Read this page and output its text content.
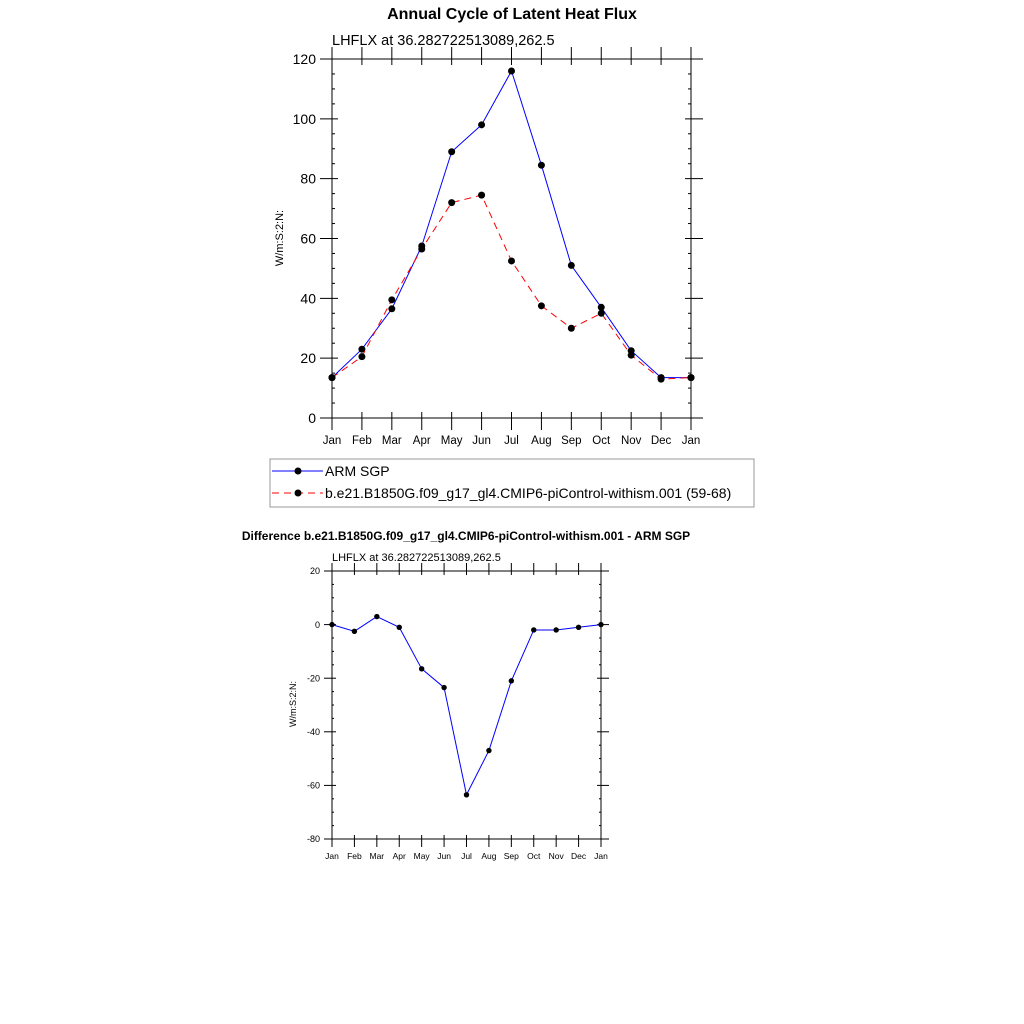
Annual Cycle of Latent Heat Flux
LHFLX at 36.282722513089,262.5
W/m:S:2:N:
0
20
40
60
80
100
120
Jan Feb Mar Apr May Jun Jul Aug Sep Oct Nov Dec Jan
ARM SGP
b.e21.B1850G.f09_g17_gl4.CMIP6-piControl-withism.001 (59-68)
Difference b.e21.B1850G.f09_g17_gl4.CMIP6-piControl-withism.001 - ARM SGP
LHFLX at 36.282722513089,262.5
W/m:S:2:N:
-80
-60
-40
-20
0
20
Jan Feb Mar Apr May Jun Jul Aug Sep Oct Nov Dec Jan
